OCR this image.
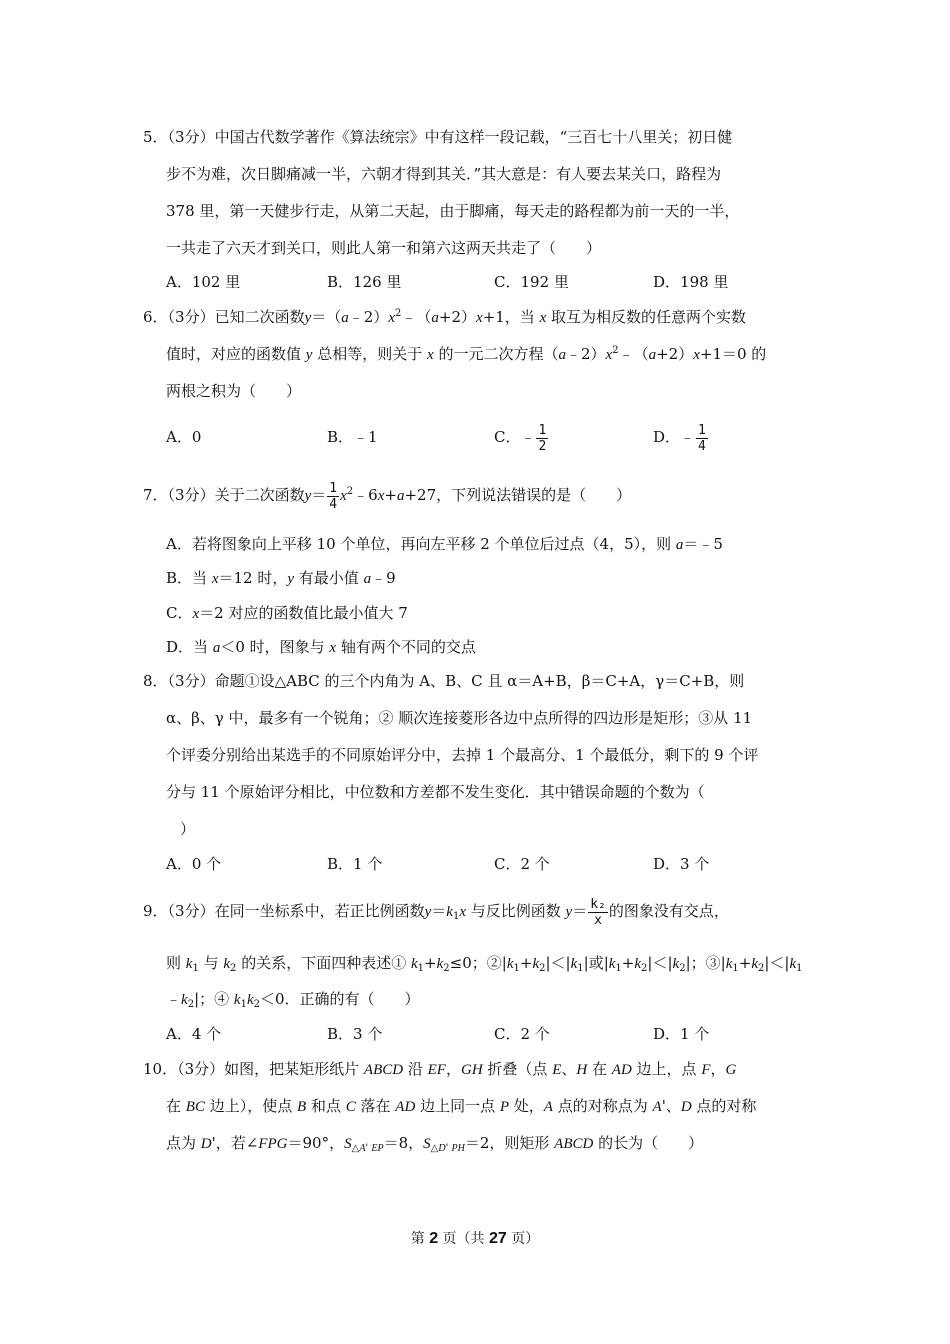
5．（3分）中国古代数学著作《算法统宗》中有这样一段记载，“三百七十八里关；初日健
步不为难，次日脚痛减一半，六朝才得到其关．”其大意是：有人要去某关口，路程为
378 里，第一天健步行走，从第二天起，由于脚痛，每天走的路程都为前一天的一半，
一共走了六天才到关口，则此人第一和第六这两天共走了（　　）
A．102 里	B．126 里	C．192 里	D．198 里
6．（3分）已知二次函数$y=(a﹣2)x^2﹣(a+2)x+1$，当 x 取互为相反数的任意两个实数
值时，对应的函数值 y 总相等，则关于 x 的一元二次方程$(a﹣2)x^2﹣(a+2)x+1=0$ 的
两根之积为（　　）
A．0	B．﹣1	C．﹣ $\frac{1}{2}$	D．﹣ $\frac{1}{4}$
7．（3分）关于二次函数$y= \frac{1}{4}$ $x^2﹣6x+a+27$，下列说法错误的是（　　）
A．若将图象向上平移 10 个单位，再向左平移 2 个单位后过点（4，5），则 a＝﹣5
B．当 x＝12 时，y 有最小值 a﹣9
C．x＝2 对应的函数值比最小值大 7
D．当 a＜0 时，图象与 x 轴有两个不同的交点
8．（3分）命题①设△ABC 的三个内角为 A、B、C 且 α＝A+B，β＝C+A，γ＝C+B，则
α、β、γ 中，最多有一个锐角；② 顺次连接菱形各边中点所得的四边形是矩形；③从 11
个评委分别给出某选手的不同原始评分中，去掉 1 个最高分、1 个最低分，剩下的 9 个评
分与 11 个原始评分相比，中位数和方差都不发生变化．其中错误命题的个数为（
）
A．0 个	B．1 个	C．2 个	D．3 个
9．（3分）在同一坐标系中，若正比例函数$y=k_1x$ 与反比例函数 $y= \frac{\text{k₂}}{x}$ 的图象没有交点，
则 $k_1$ 与 $k_2$ 的关系，下面四种表述① $k_1+k_2\le 0$；$②|k_1+k_2|<|k_1|$或$|k_1+k_2|<|k_2|$；$③|k_1+k_2|<|k_1$
$﹣k_2|$；④ $k_1k_2<0$．正确的有（　　）
A．4 个	B．3 个	C．2 个	D．1 个
10．（3分）如图，把某矩形纸片 ABCD 沿 EF，GH 折叠（点 E、H 在 AD 边上，点 F，G
在 BC 边上），使点 B 和点 C 落在 AD 边上同一点 P 处，A 点的对称点为 A'、D 点的对称
点为 D'，若∠FPG＝90°，$S_{\triangle A' EP}=8$，$S_{\triangle D' PH}=2$，则矩形 ABCD 的长为（　　）
第 2 页（共 27 页）
